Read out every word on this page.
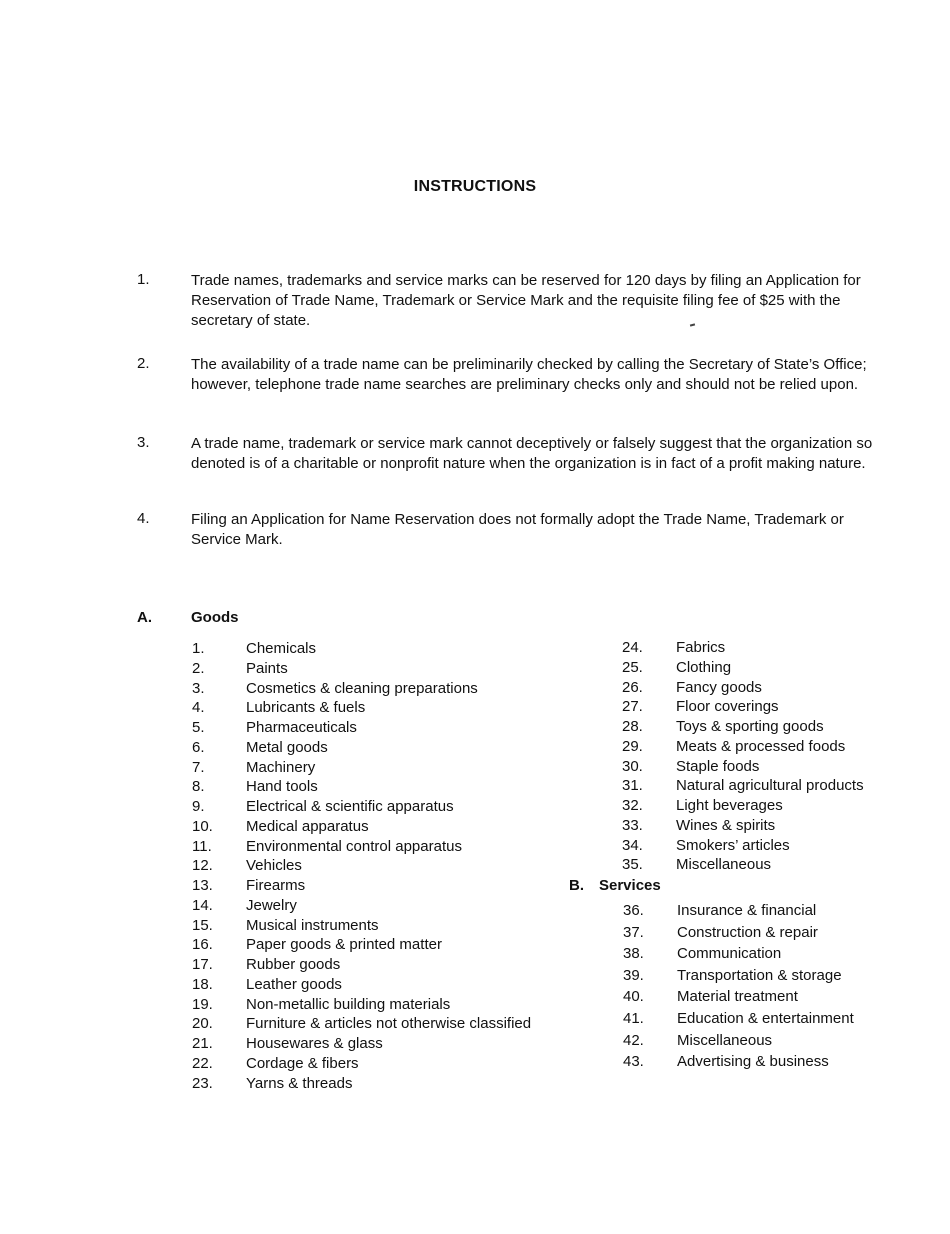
INSTRUCTIONS
1.	Trade names, trademarks and service marks can be reserved for 120 days by filing an Application for Reservation of Trade Name, Trademark or Service Mark and the requisite filing fee of $25 with the secretary of state.
2.	The availability of a trade name can be preliminarily checked by calling the Secretary of State’s Office; however, telephone trade name searches are preliminary checks only and should not be relied upon.
3.	A trade name, trademark or service mark cannot deceptively or falsely suggest that the organization so denoted is of a charitable or nonprofit nature when the organization is in fact of a profit making nature.
4.	Filing an Application for Name Reservation does not formally adopt the Trade Name, Trademark or Service Mark.
A.	Goods
1.	Chemicals
2.	Paints
3.	Cosmetics & cleaning preparations
4.	Lubricants & fuels
5.	Pharmaceuticals
6.	Metal goods
7.	Machinery
8.	Hand tools
9.	Electrical & scientific apparatus
10. Medical apparatus
11. Environmental control apparatus
12. Vehicles
13. Firearms
14. Jewelry
15. Musical instruments
16. Paper goods & printed matter
17. Rubber goods
18. Leather goods
19. Non-metallic building materials
20. Furniture & articles not otherwise classified
21. Housewares & glass
22. Cordage & fibers
23. Yarns & threads
24. Fabrics
25. Clothing
26. Fancy goods
27. Floor coverings
28. Toys & sporting goods
29. Meats & processed foods
30. Staple foods
31. Natural agricultural products
32. Light beverages
33. Wines & spirits
34. Smokers’ articles
35. Miscellaneous
B. Services
36. Insurance & financial
37. Construction & repair
38. Communication
39. Transportation & storage
40. Material treatment
41. Education & entertainment
42. Miscellaneous
43. Advertising & business
